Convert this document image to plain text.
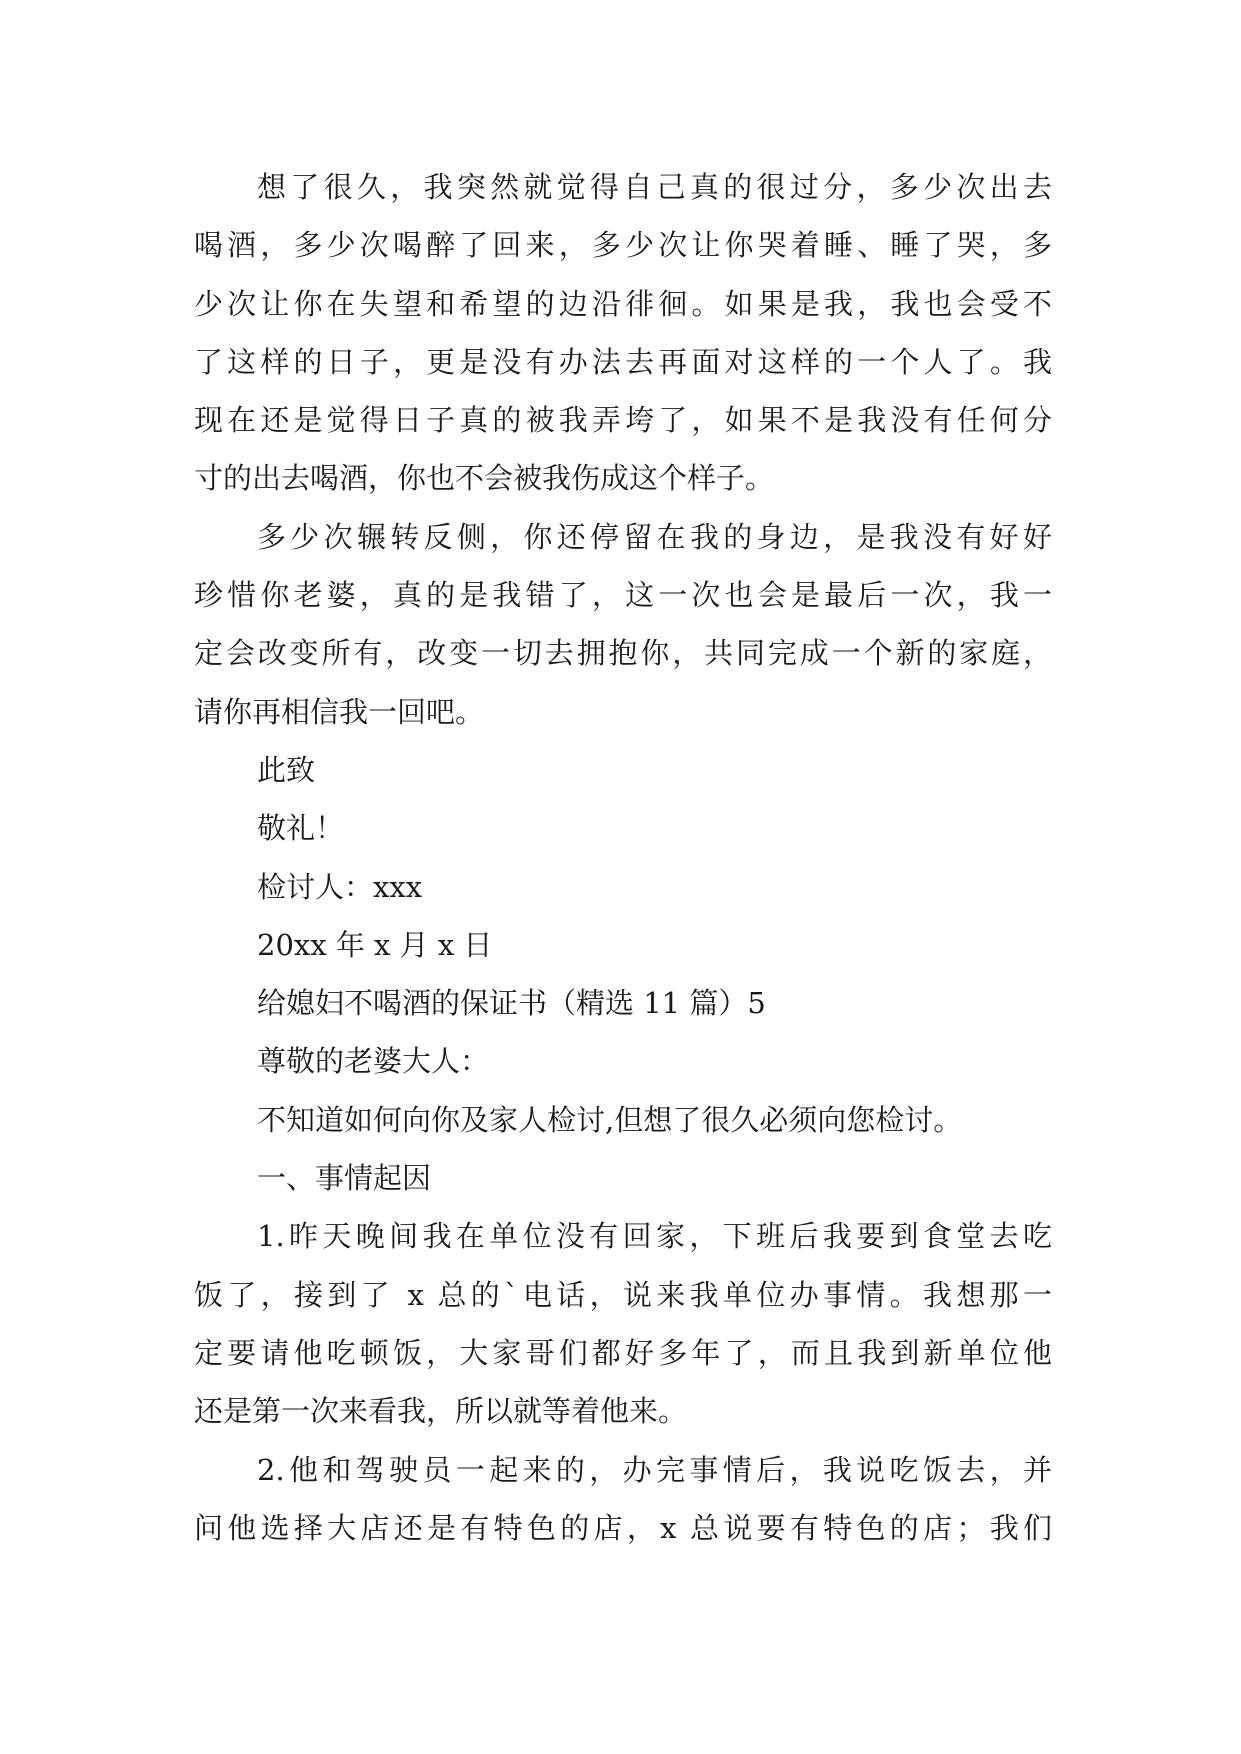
想了很久，我突然就觉得自己真的很过分，多少次出去
喝酒，多少次喝醉了回来，多少次让你哭着睡、睡了哭，多
少次让你在失望和希望的边沿徘徊。如果是我，我也会受不
了这样的日子，更是没有办法去再面对这样的一个人了。我
现在还是觉得日子真的被我弄垮了，如果不是我没有任何分
寸的出去喝酒，你也不会被我伤成这个样子。
多少次辗转反侧，你还停留在我的身边，是我没有好好
珍惜你老婆，真的是我错了，这一次也会是最后一次，我一
定会改变所有，改变一切去拥抱你，共同完成一个新的家庭，
请你再相信我一回吧。
此致
敬礼！
检讨人：xxx
20xx 年 x 月 x 日
给媳妇不喝酒的保证书（精选 11 篇）5
尊敬的老婆大人：
不知道如何向你及家人检讨,但想了很久必须向您检讨。
一、事情起因
1.昨天晚间我在单位没有回家，下班后我要到食堂去吃
饭了，接到了 x 总的`电话，说来我单位办事情。我想那一
定要请他吃顿饭，大家哥们都好多年了，而且我到新单位他
还是第一次来看我，所以就等着他来。
2.他和驾驶员一起来的，办完事情后，我说吃饭去，并
问他选择大店还是有特色的店，x 总说要有特色的店；我们
